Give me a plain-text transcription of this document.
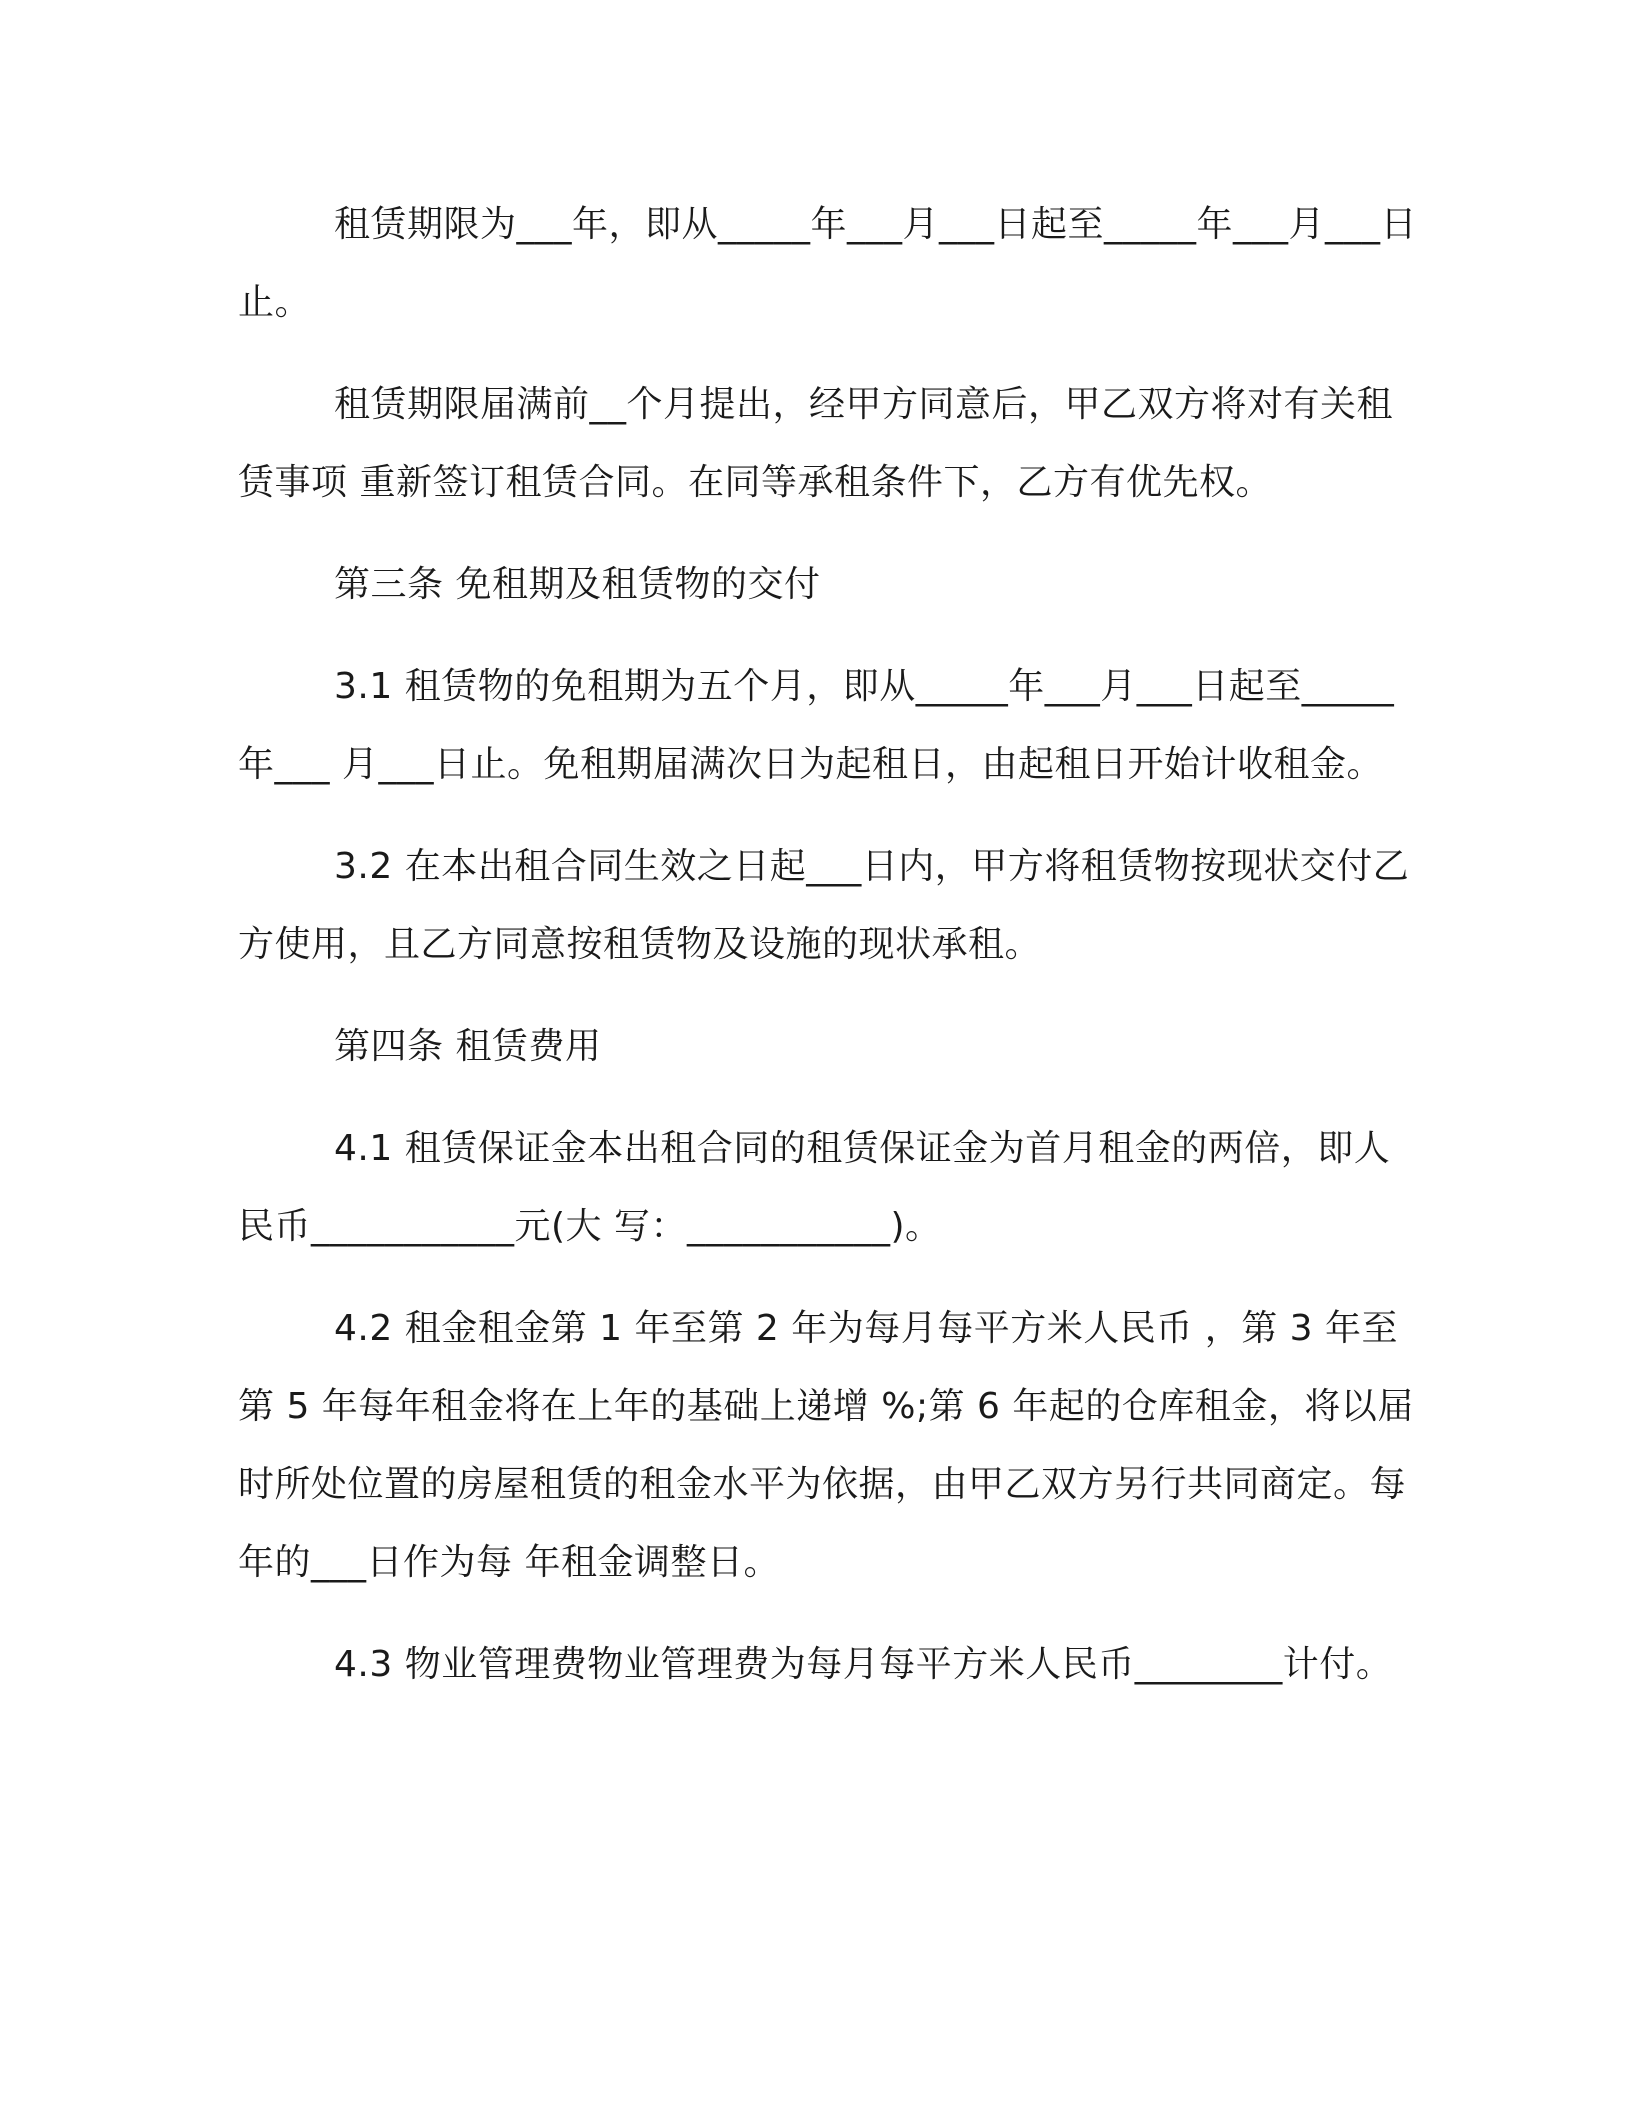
租赁期限为___年，即从_____年___月___日起至_____年___月___日 止。

租赁期限届满前__个月提出，经甲方同意后，甲乙双方将对有关租赁事项 重新签订租赁合同。在同等承租条件下，乙方有优先权。

第三条 免租期及租赁物的交付

3.1 租赁物的免租期为五个月，即从_____年___月___日起至_____年___ 月___日止。免租期届满次日为起租日，由起租日开始计收租金。

3.2 在本出租合同生效之日起___日内，甲方将租赁物按现状交付乙方使用，且乙方同意按租赁物及设施的现状承租。

第四条 租赁费用

4.1 租赁保证金本出租合同的租赁保证金为首月租金的两倍，即人民币___________元(大 写：___________)。

4.2 租金租金第 1 年至第 2 年为每月每平方米人民币 ，第 3 年至第 5 年每年租金将在上年的基础上递增 %;第 6 年起的仓库租金，将以届时所处位置的房屋租赁的租金水平为依据，由甲乙双方另行共同商定。每年的___日作为每 年租金调整日。

4.3 物业管理费物业管理费为每月每平方米人民币________计付。
